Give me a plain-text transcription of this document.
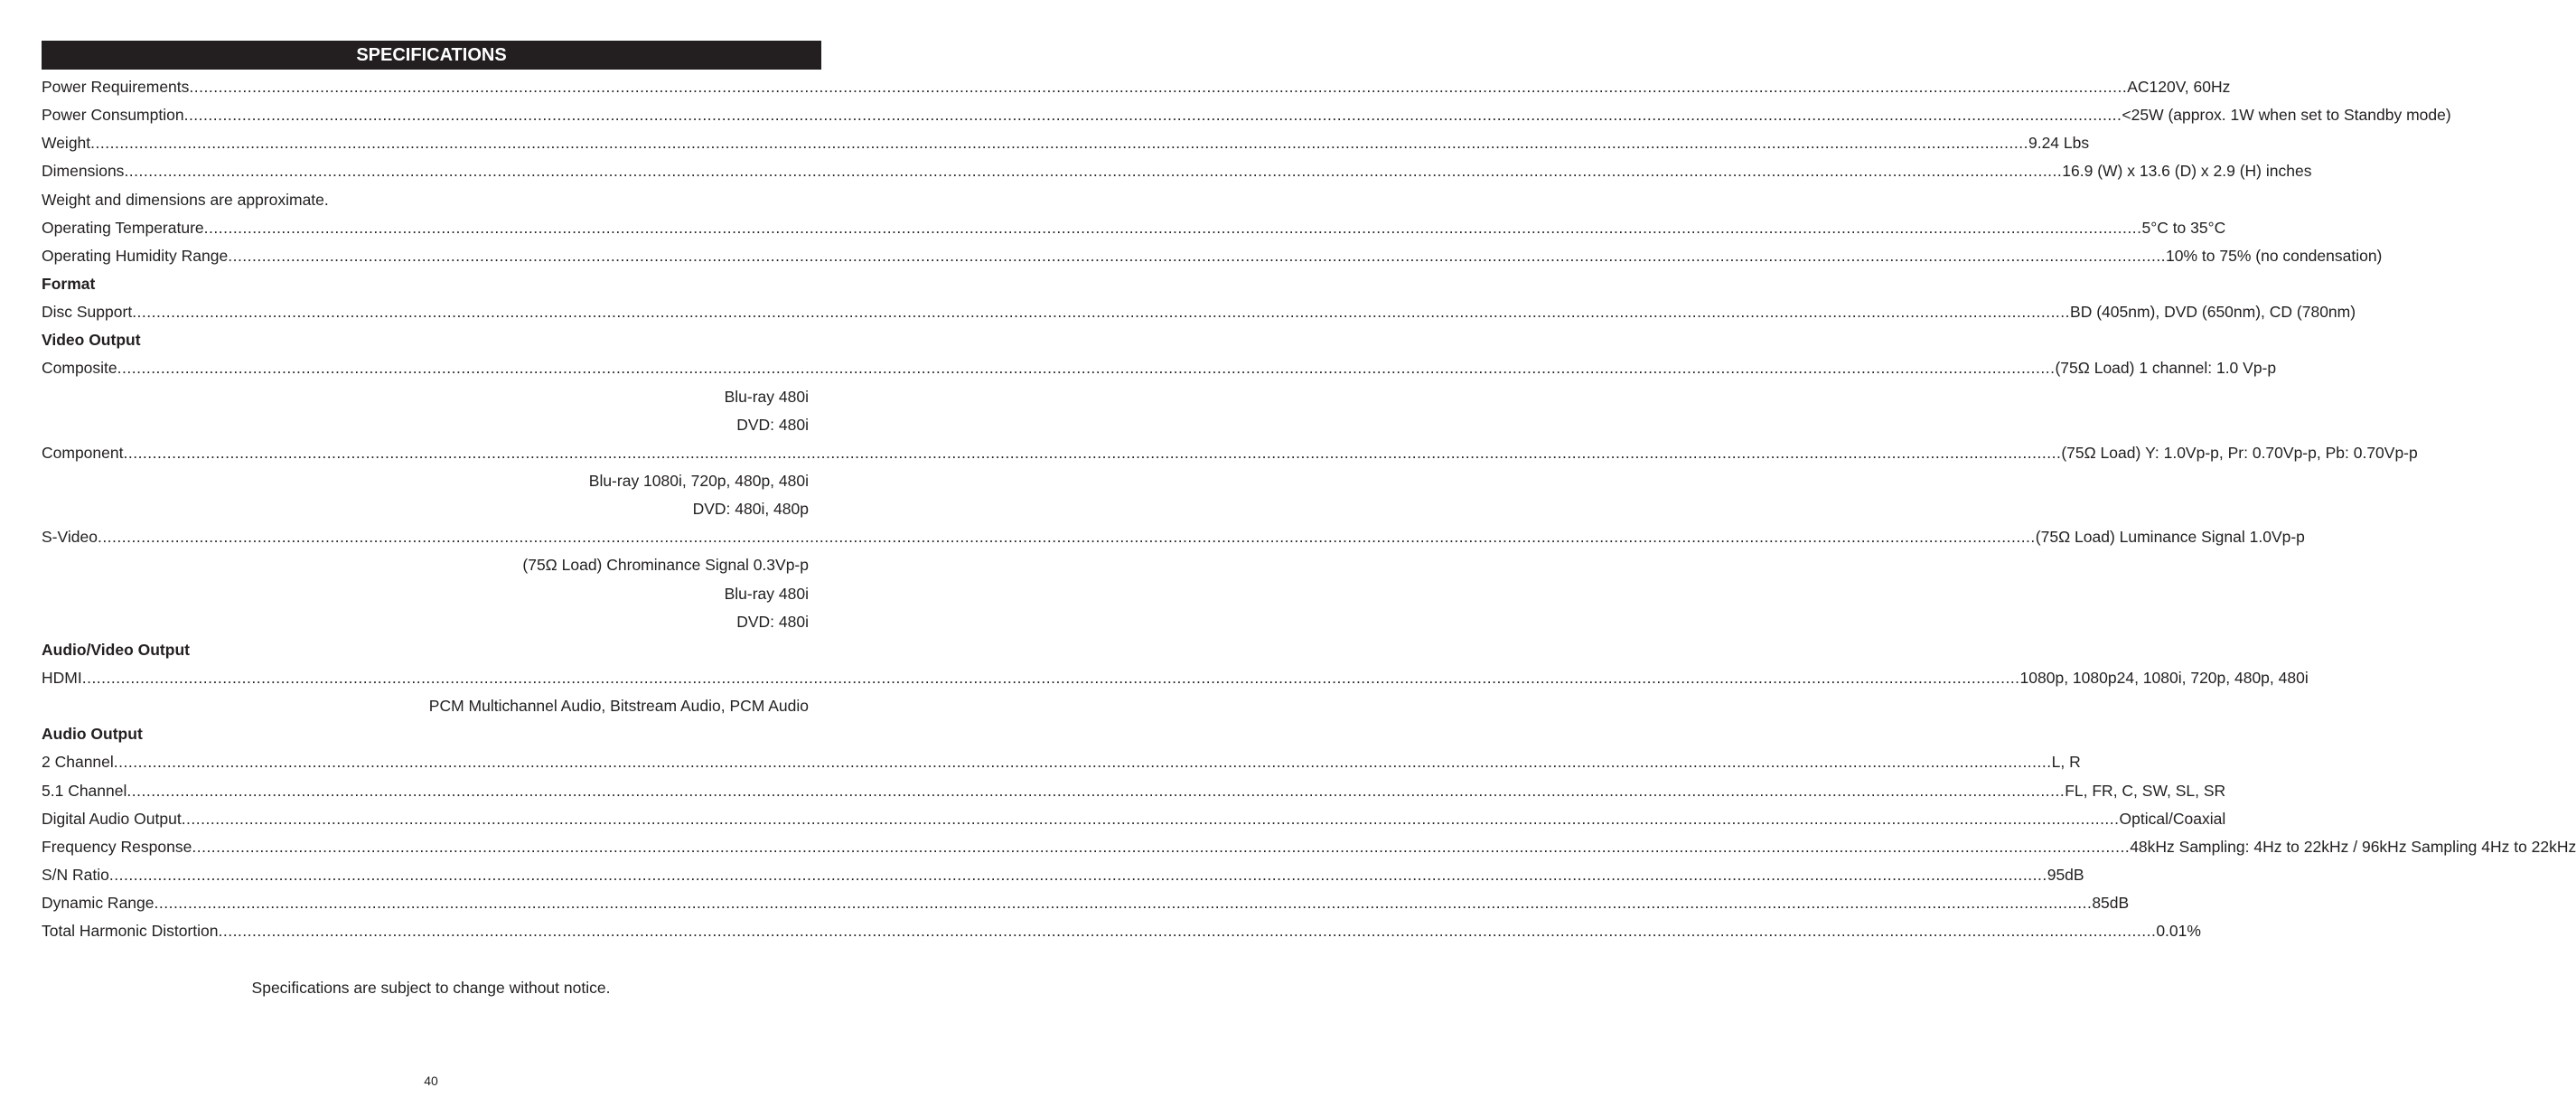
SPECIFICATIONS
Power Requirements ................................................................................................................................................................................................................................................................................................................................................................................................................ AC120V, 60Hz
Power Consumption ................................................................................................................................................................................................................................................................................................................................................................................................................ <25W (approx. 1W when set to Standby mode)
Weight ................................................................................................................................................................................................................................................................................................................................................................................................................ 9.24 Lbs
Dimensions ................................................................................................................................................................................................................................................................................................................................................................................................................ 16.9 (W) x 13.6 (D) x 2.9 (H) inches
Weight and dimensions are approximate.
Operating Temperature ................................................................................................................................................................................................................................................................................................................................................................................................................ 5°C to 35°C
Operating Humidity Range ................................................................................................................................................................................................................................................................................................................................................................................................................ 10% to 75% (no condensation)
Format
Disc Support ................................................................................................................................................................................................................................................................................................................................................................................................................ BD (405nm), DVD (650nm), CD (780nm)
Video Output
Composite ................................................................................................................................................................................................................................................................................................................................................................................................................ (75Ω Load) 1 channel: 1.0 Vp-p
Blu-ray 480i
DVD: 480i
Component ................................................................................................................................................................................................................................................................................................................................................................................................................ (75Ω Load) Y: 1.0Vp-p, Pr: 0.70Vp-p, Pb: 0.70Vp-p
Blu-ray 1080i, 720p, 480p, 480i
DVD: 480i, 480p
S-Video ................................................................................................................................................................................................................................................................................................................................................................................................................ (75Ω Load) Luminance Signal 1.0Vp-p
(75Ω Load) Chrominance Signal 0.3Vp-p
Blu-ray 480i
DVD: 480i
Audio/Video Output
HDMI ................................................................................................................................................................................................................................................................................................................................................................................................................ 1080p, 1080p24, 1080i, 720p, 480p, 480i
PCM Multichannel Audio, Bitstream Audio, PCM Audio
Audio Output
2 Channel ................................................................................................................................................................................................................................................................................................................................................................................................................ L, R
5.1 Channel ................................................................................................................................................................................................................................................................................................................................................................................................................ FL, FR, C, SW, SL, SR
Digital Audio Output ................................................................................................................................................................................................................................................................................................................................................................................................................ Optical/Coaxial
Frequency Response ................................................................................................................................................................................................................................................................................................................................................................................................................ 48kHz Sampling: 4Hz to 22kHz / 96kHz Sampling 4Hz to 22kHz
S/N Ratio ................................................................................................................................................................................................................................................................................................................................................................................................................ 95dB
Dynamic Range ................................................................................................................................................................................................................................................................................................................................................................................................................ 85dB
Total Harmonic Distortion ................................................................................................................................................................................................................................................................................................................................................................................................................ 0.01%
Specifications are subject to change without notice.
40
